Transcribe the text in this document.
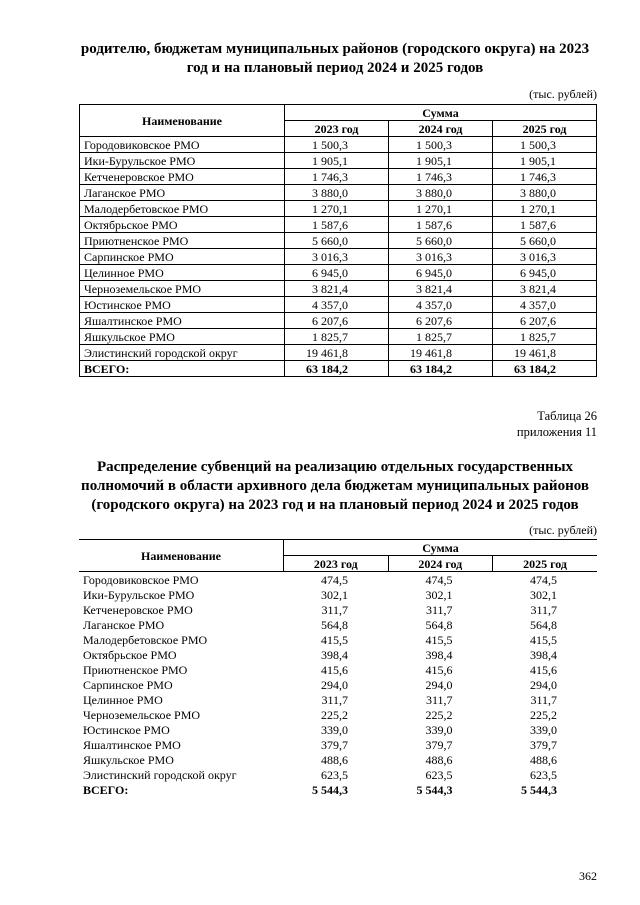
родителю, бюджетам муниципальных районов (городского округа) на 2023
год и на плановый период 2024 и 2025 годов
(тыс. рублей)
Наименование	Сумма		
	2023 год	2024 год	2025 год
Городовиковское РМО	1 500,3	1 500,3	1 500,3
Ики-Бурульское РМО	1 905,1	1 905,1	1 905,1
Кетченеровское РМО	1 746,3	1 746,3	1 746,3
Лаганское РМО	3 880,0	3 880,0	3 880,0
Малодербетовское РМО	1 270,1	1 270,1	1 270,1
Октябрьское РМО	1 587,6	1 587,6	1 587,6
Приютненское РМО	5 660,0	5 660,0	5 660,0
Сарпинское РМО	3 016,3	3 016,3	3 016,3
Целинное РМО	6 945,0	6 945,0	6 945,0
Черноземельское РМО	3 821,4	3 821,4	3 821,4
Юстинское РМО	4 357,0	4 357,0	4 357,0
Яшалтинское РМО	6 207,6	6 207,6	6 207,6
Яшкульское РМО	1 825,7	1 825,7	1 825,7
Элистинский городской округ	19 461,8	19 461,8	19 461,8
ВСЕГО:	63 184,2	63 184,2	63 184,2
Таблица 26
приложения 11
Распределение субвенций на реализацию отдельных государственных
полномочий в области архивного дела бюджетам муниципальных районов
(городского округа) на 2023 год и на плановый период 2024 и 2025 годов
(тыс. рублей)
Наименование	Сумма		
	2023 год	2024 год	2025 год
Городовиковское РМО	474,5	474,5	474,5
Ики-Бурульское РМО	302,1	302,1	302,1
Кетченеровское РМО	311,7	311,7	311,7
Лаганское РМО	564,8	564,8	564,8
Малодербетовское РМО	415,5	415,5	415,5
Октябрьское РМО	398,4	398,4	398,4
Приютненское РМО	415,6	415,6	415,6
Сарпинское РМО	294,0	294,0	294,0
Целинное РМО	311,7	311,7	311,7
Черноземельское РМО	225,2	225,2	225,2
Юстинское РМО	339,0	339,0	339,0
Яшалтинское РМО	379,7	379,7	379,7
Яшкульское РМО	488,6	488,6	488,6
Элистинский городской округ	623,5	623,5	623,5
ВСЕГО:	5 544,3	5 544,3	5 544,3
362
